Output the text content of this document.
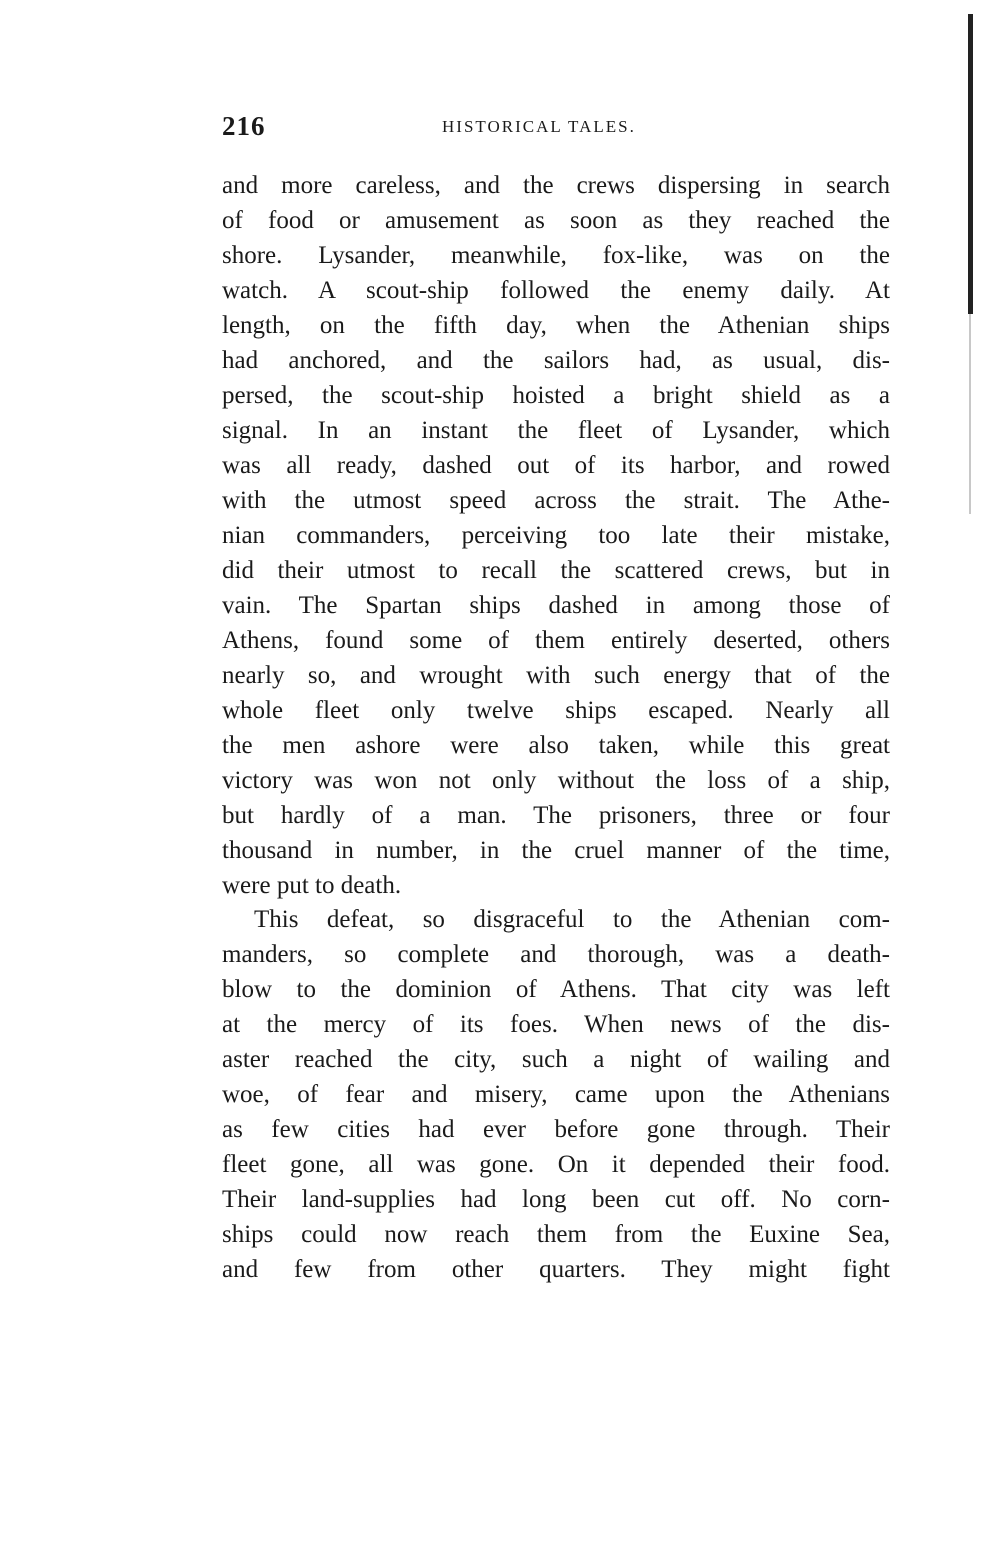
216	HISTORICAL TALES.
and more careless, and the crews dispersing in search
of food or amusement as soon as they reached the
shore. Lysander, meanwhile, fox-like, was on the
watch. A scout-ship followed the enemy daily. At
length, on the fifth day, when the Athenian ships
had anchored, and the sailors had, as usual, dis-
persed, the scout-ship hoisted a bright shield as a
signal. In an instant the fleet of Lysander, which
was all ready, dashed out of its harbor, and rowed
with the utmost speed across the strait. The Athe-
nian commanders, perceiving too late their mistake,
did their utmost to recall the scattered crews, but in
vain. The Spartan ships dashed in among those of
Athens, found some of them entirely deserted, others
nearly so, and wrought with such energy that of the
whole fleet only twelve ships escaped. Nearly all
the men ashore were also taken, while this great
victory was won not only without the loss of a ship,
but hardly of a man. The prisoners, three or four
thousand in number, in the cruel manner of the time,
were put to death.
This defeat, so disgraceful to the Athenian com-
manders, so complete and thorough, was a death-
blow to the dominion of Athens. That city was left
at the mercy of its foes. When news of the dis-
aster reached the city, such a night of wailing and
woe, of fear and misery, came upon the Athenians
as few cities had ever before gone through. Their
fleet gone, all was gone. On it depended their food.
Their land-supplies had long been cut off. No corn-
ships could now reach them from the Euxine Sea,
and few from other quarters. They might fight
